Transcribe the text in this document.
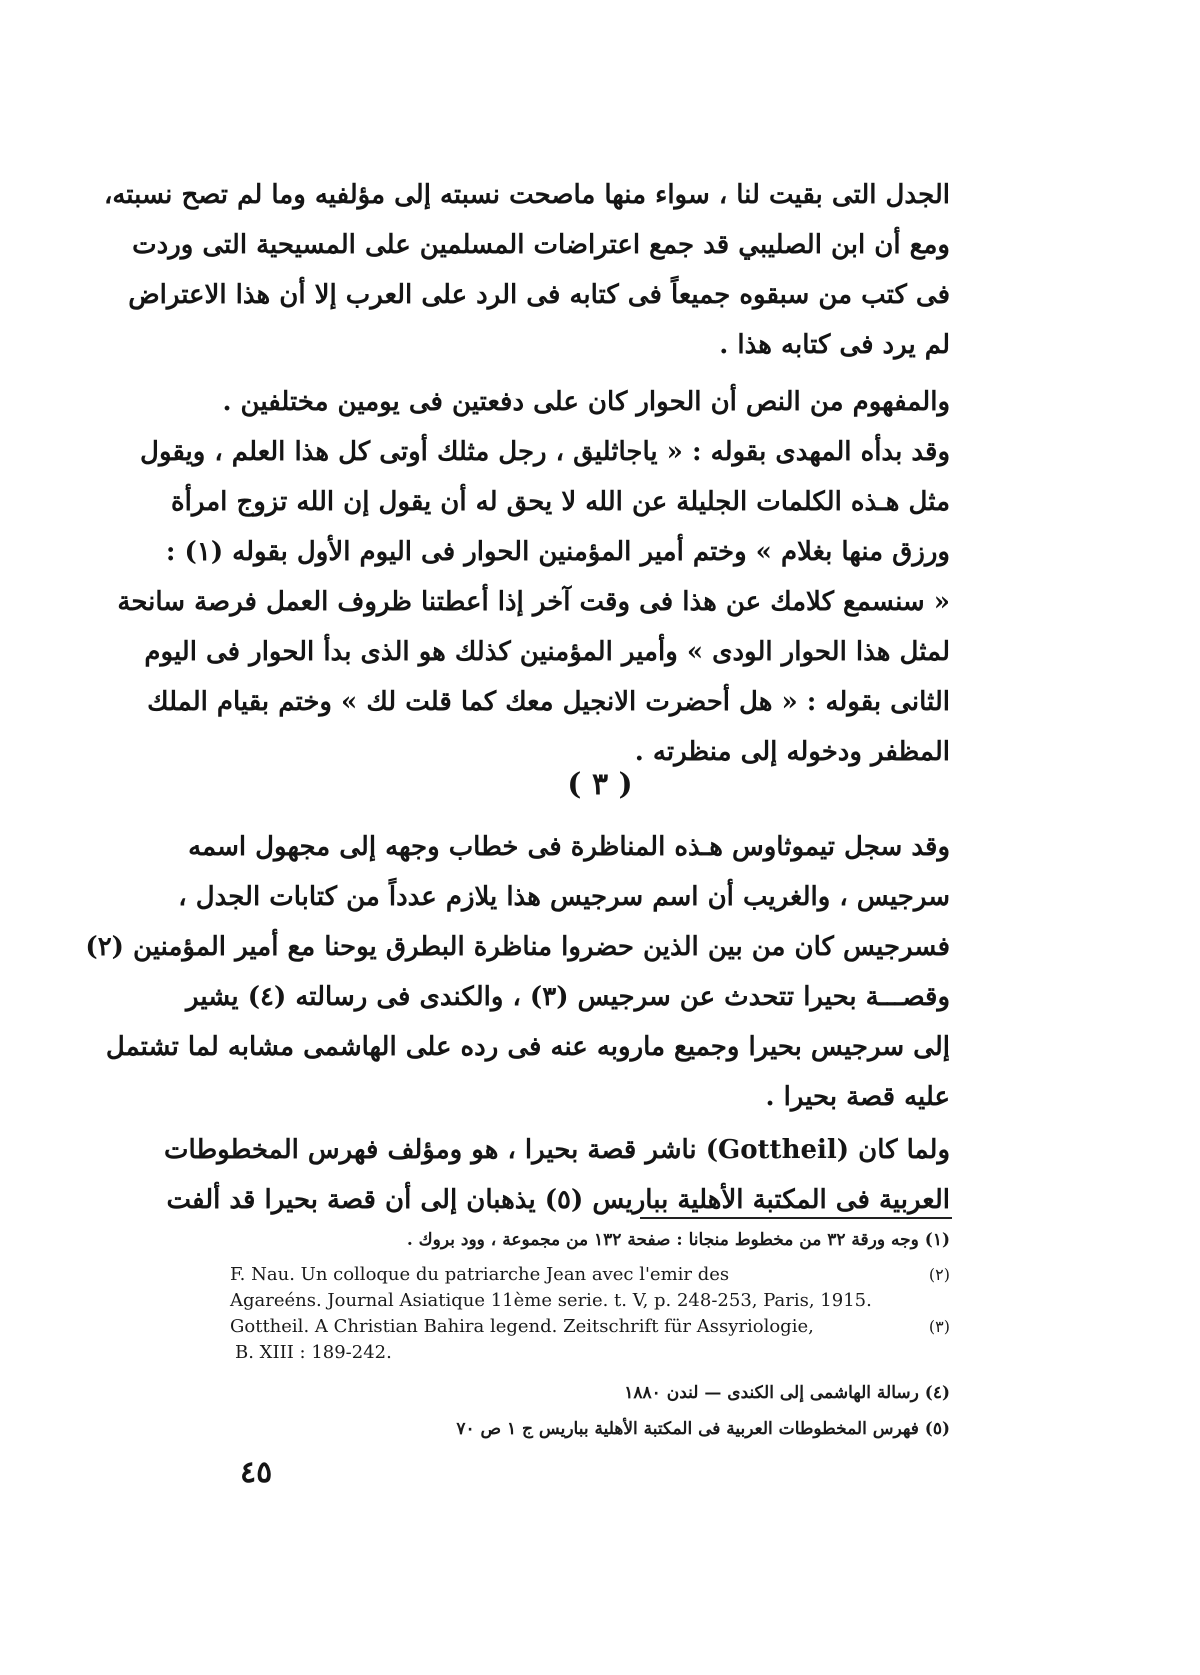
الجدل التى بقيت لنا ، سواء منها ماصحت نسبته إلى مؤلفيه وما لم تصح نسبته،
ومع أن ابن الصليبي قد جمع اعتراضات المسلمين على المسيحية التى وردت
فى كتب من سبقوه جميعاً فى كتابه فى الرد على العرب إلا أن هذا الاعتراض
لم يرد فى كتابه هذا .
والمفهوم من النص أن الحوار كان على دفعتين فى يومين مختلفين .
وقد بدأه المهدى بقوله : « ياجاثليق ، رجل مثلك أوتى كل هذا العلم ، ويقول
مثل هـذه الكلمات الجليلة عن الله لا يحق له أن يقول إن الله تزوج امرأة
ورزق منها بغلام » وختم أمير المؤمنين الحوار فى اليوم الأول بقوله (١) :
« سنسمع كلامك عن هذا فى وقت آخر إذا أعطتنا ظروف العمل فرصة سانحة
لمثل هذا الحوار الودى » وأمير المؤمنين كذلك هو الذى بدأ الحوار فى اليوم
الثانى بقوله : « هل أحضرت الانجيل معك كما قلت لك » وختم بقيام الملك
المظفر ودخوله إلى منظرته .
( ٣ )
وقد سجل تيموثاوس هـذه المناظرة فى خطاب وجهه إلى مجهول اسمه
سرجيس ، والغريب أن اسم سرجيس هذا يلازم عدداً من كتابات الجدل ،
فسرجيس كان من بين الذين حضروا مناظرة البطرق يوحنا مع أمير المؤمنين (٢)
وقصـــة بحيرا تتحدث عن سرجيس (٣) ، والكندى فى رسالته (٤) يشير
إلى سرجيس بحيرا وجميع ماروبه عنه فى رده على الهاشمى مشابه لما تشتمل
عليه قصة بحيرا .
ولما كان (Gottheil) ناشر قصة بحيرا ، هو ومؤلف فهرس المخطوطات
العربية فى المكتبة الأهلية بباريس (٥) يذهبان إلى أن قصة بحيرا قد ألفت
(١) وجه ورقة ٣٢ من مخطوط منجانا : صفحة ١٣٢ من مجموعة ، وود بروك .
F. Nau. Un colloque du patriarche Jean avec l'emir des	(٢)
Agareéns. Journal Asiatique 11ème serie. t. V, p. 248-253, Paris, 1915.
Gottheil. A Christian Bahira legend. Zeitschrift für Assyriologie,	(٣)
B. XIII : 189-242.
(٤) رسالة الهاشمى إلى الكندى — لندن ١٨٨٠
(٥) فهرس المخطوطات العربية فى المكتبة الأهلية بباريس ج ١ ص ٧٠
٤٥
